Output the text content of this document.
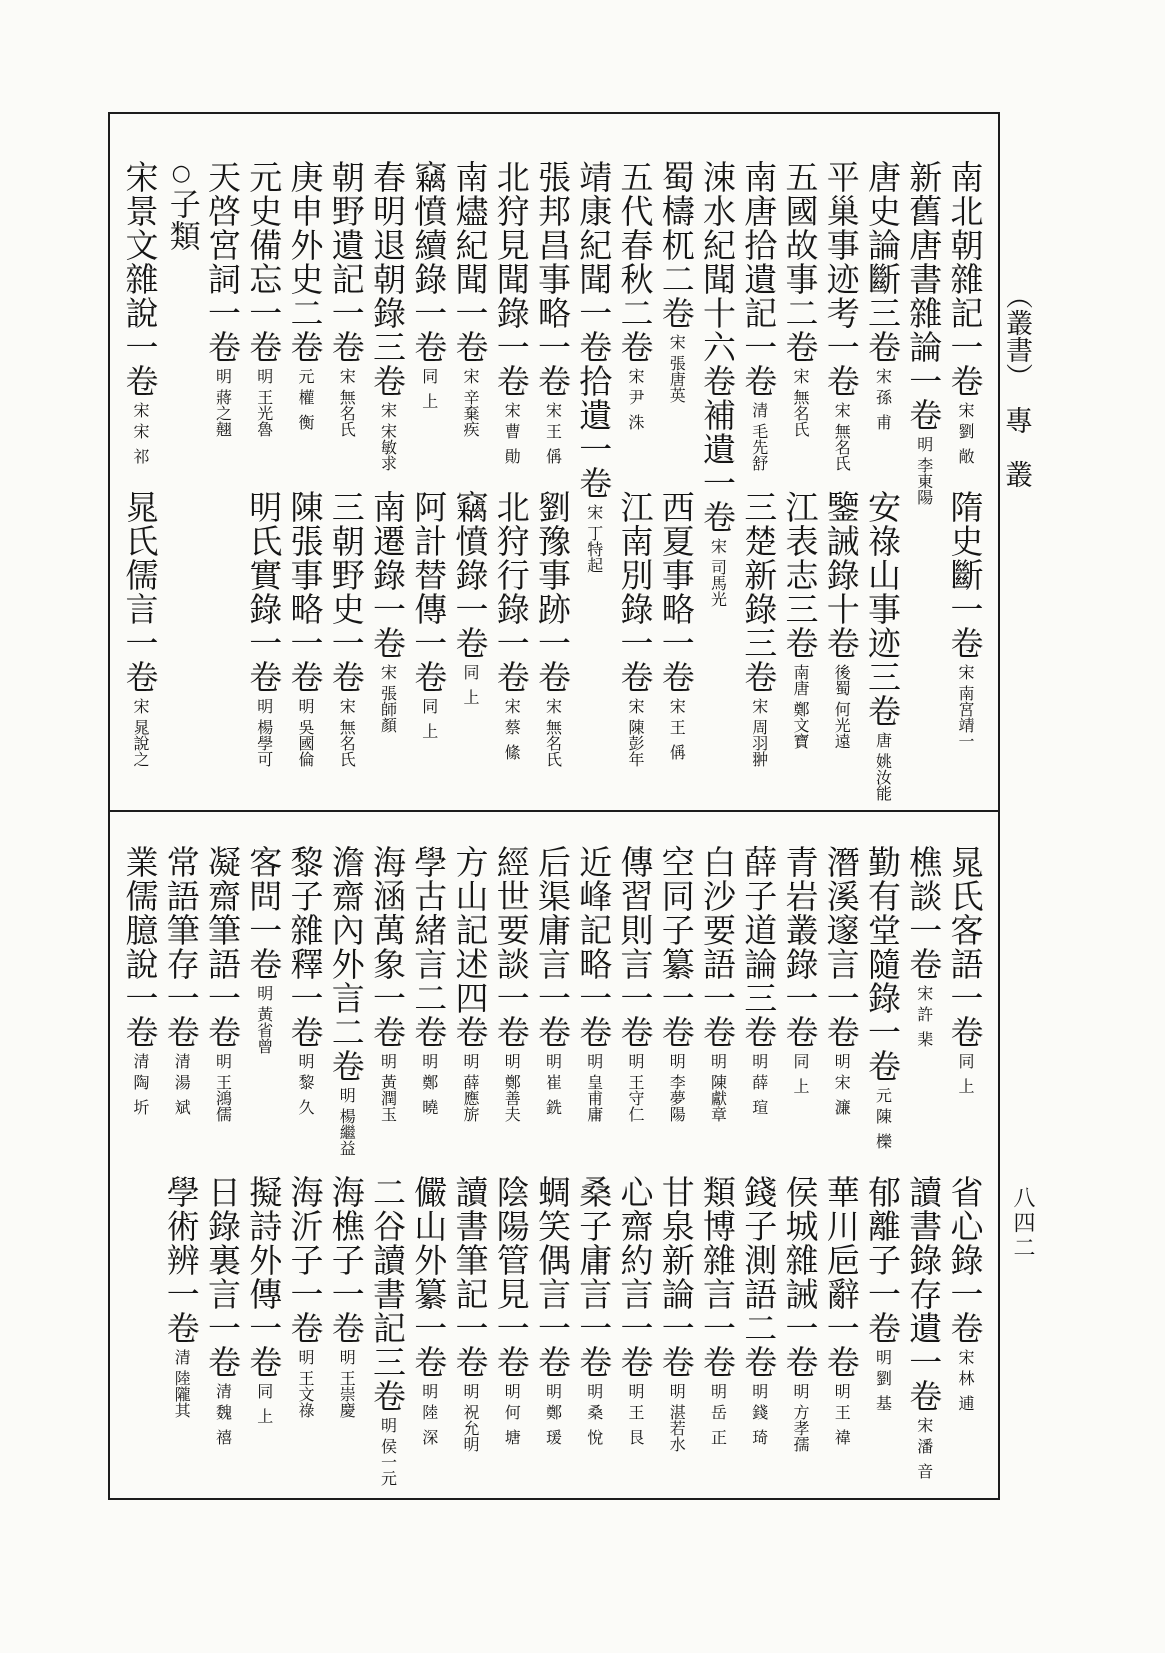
（叢書）
專叢
八四二
南北朝雜記一卷
宋
劉敞
隋史斷一卷
宋
南宮靖一
新舊唐書雜論一卷
明
李東陽
唐史論斷三卷
宋
孫甫
安祿山事迹三卷
唐
姚汝能
平巢事迹考一卷
宋
無名氏
鑒誡錄十卷
後蜀
何光遠
五國故事二卷
宋
無名氏
江表志三卷
南唐
鄭文寶
南唐拾遺記一卷
清
毛先舒
三楚新錄三卷
宋
周羽翀
涑水紀聞十六卷補遺一卷
宋
司馬光
蜀檮杌二卷
宋
張唐英
西夏事略一卷
宋
王偁
五代春秋二卷
宋
尹洙
江南別錄一卷
宋
陳彭年
靖康紀聞一卷拾遺一卷
宋
丁特起
張邦昌事略一卷
宋
王偁
劉豫事跡一卷
宋
無名氏
北狩見聞錄一卷
宋
曹勛
北狩行錄一卷
宋
蔡絛
南燼紀聞一卷
宋
辛棄疾
竊憤錄一卷
同上
竊憤續錄一卷
同上
阿計替傳一卷
同上
春明退朝錄三卷
宋
宋敏求
南遷錄一卷
宋
張師顏
朝野遺記一卷
宋
無名氏
三朝野史一卷
宋
無名氏
庚申外史二卷
元
權衡
陳張事略一卷
明
吳國倫
元史備忘一卷
明
王光魯
明氏實錄一卷
明
楊學可
天啓宮詞一卷
明
蔣之翹
○
子類
宋景文雜說一卷
宋
宋祁
晁氏儒言一卷
宋
晁說之
晁氏客語一卷
同上
省心錄一卷
宋
林逋
樵談一卷
宋
許棐
讀書錄存遺一卷
宋
潘音
勤有堂隨錄一卷
元
陳櫟
郁離子一卷
明
劉基
潛溪邃言一卷
明
宋濂
華川巵辭一卷
明
王禕
青岩叢錄一卷
同上
侯城雜誡一卷
明
方孝孺
薛子道論三卷
明
薛瑄
錢子測語二卷
明
錢琦
白沙要語一卷
明
陳獻章
類博雜言一卷
明
岳正
空同子纂一卷
明
李夢陽
甘泉新論一卷
明
湛若水
傳習則言一卷
明
王守仁
心齋約言一卷
明
王艮
近峰記略一卷
明
皇甫庸
桑子庸言一卷
明
桑悅
后渠庸言一卷
明
崔銑
蜩笑偶言一卷
明
鄭瑗
經世要談一卷
明
鄭善夫
陰陽管見一卷
明
何塘
方山記述四卷
明
薛應旂
讀書筆記一卷
明
祝允明
學古緒言二卷
明
鄭曉
儼山外纂一卷
明
陸深
海涵萬象一卷
明
黃潤玉
二谷讀書記三卷
明
侯一元
澹齋內外言二卷
明
楊繼益
海樵子一卷
明
王崇慶
黎子雜釋一卷
明
黎久
海沂子一卷
明
王文祿
客問一卷
明
黃省曾
擬詩外傳一卷
同上
凝齋筆語一卷
明
王鴻儒
日錄裏言一卷
清
魏禧
常語筆存一卷
清
湯斌
學術辨一卷
清
陸隴其
業儒臆說一卷
清
陶圻
